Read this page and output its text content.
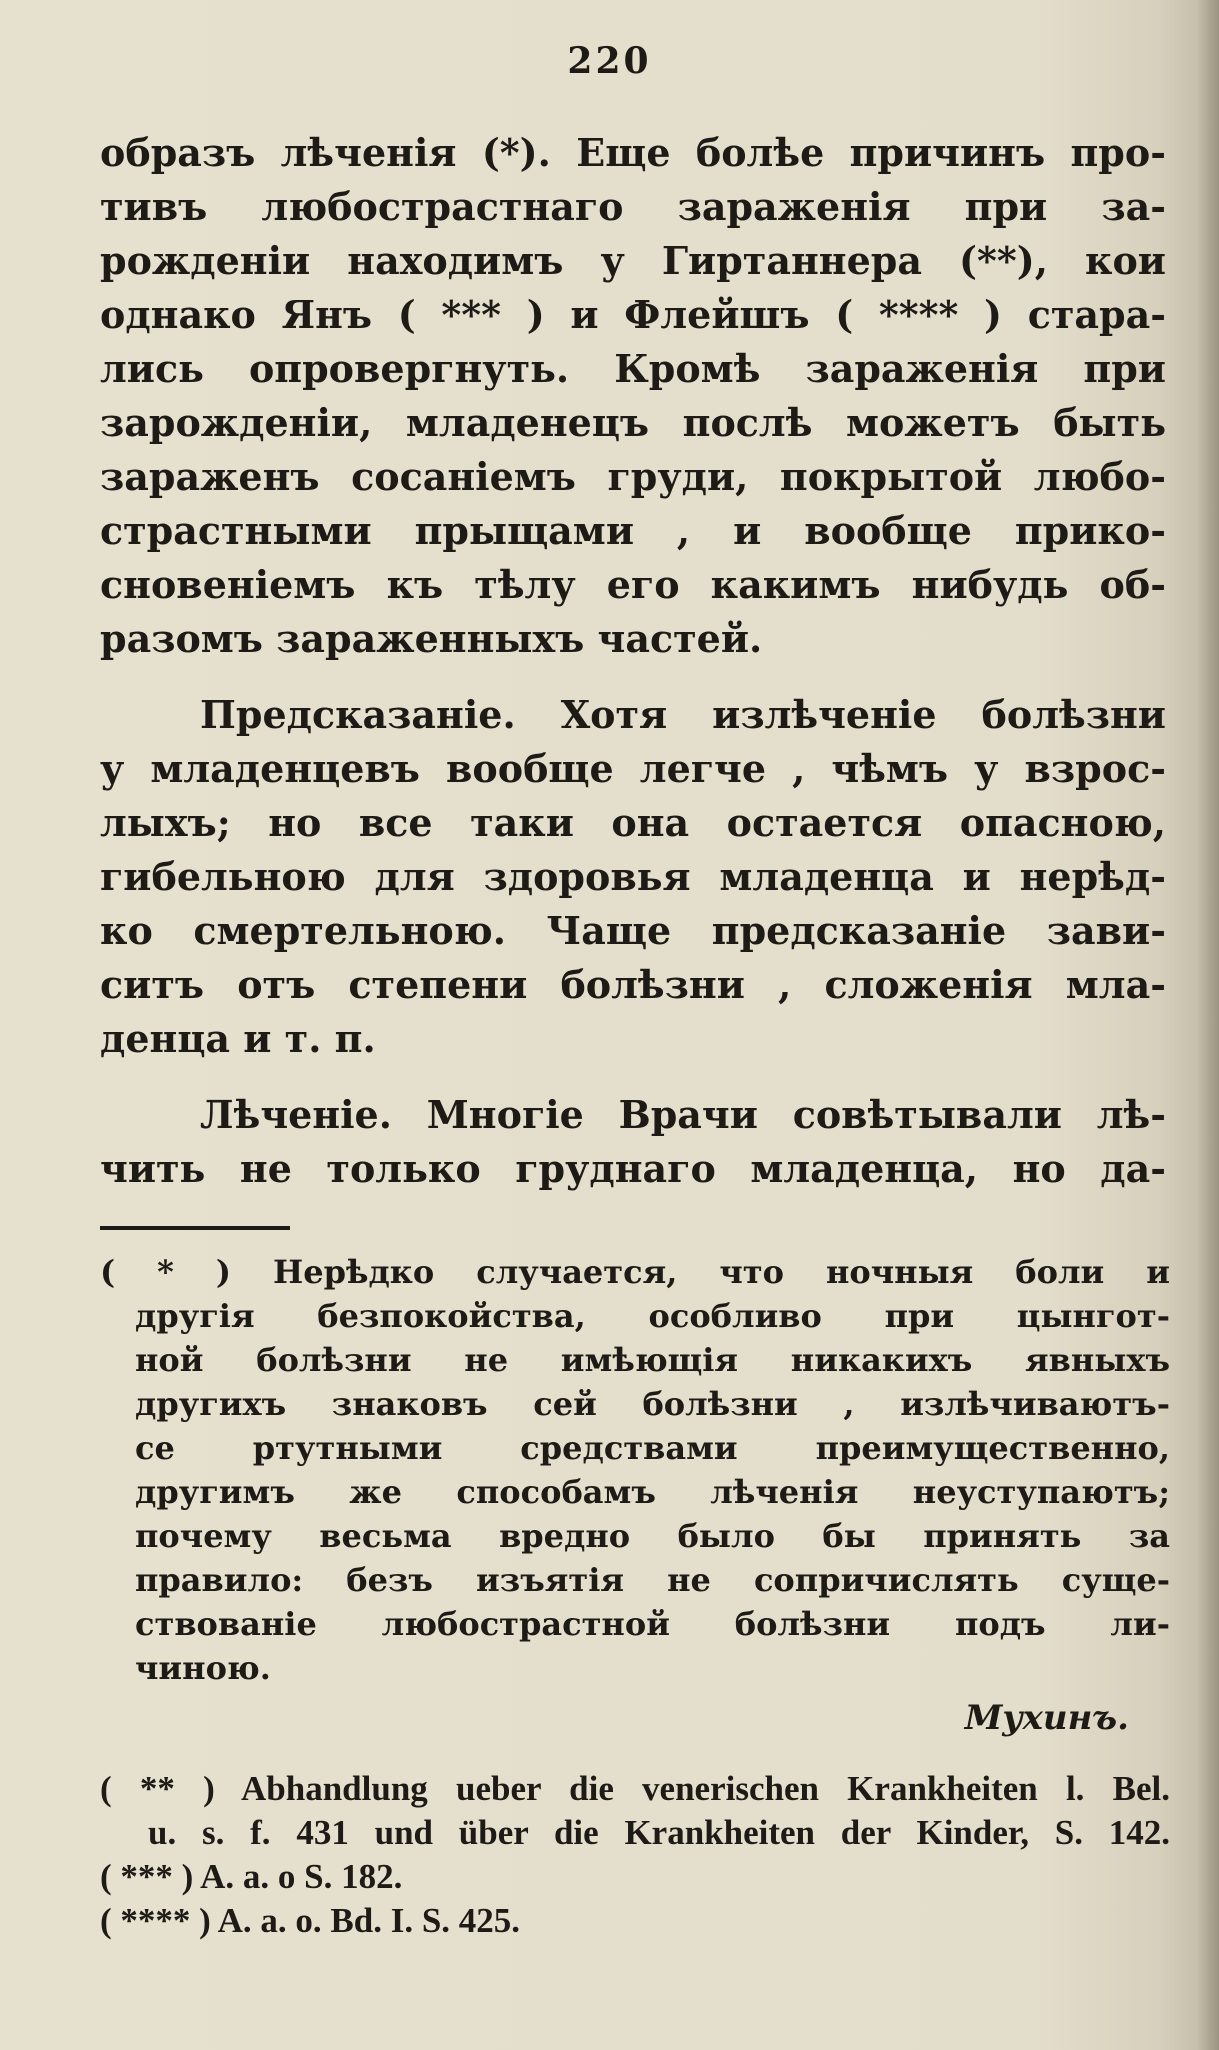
220
образъ лѣченія (*). Еще болѣе причинъ про-
тивъ любострастнаго зараженія при за-
рожденіи находимъ у Гиртаннера (**), кои
однако Янъ ( *** ) и Флейшъ ( **** ) стара-
лись опровергнуть. Кромѣ зараженія при
зарожденіи, младенецъ послѣ можетъ быть
зараженъ сосаніемъ груди, покрытой любо-
страстными прыщами , и вообще прико-
сновеніемъ къ тѣлу его какимъ нибудь об-
разомъ зараженныхъ частей.
Предсказаніе. Хотя излѣченіе болѣзни
у младенцевъ вообще легче , чѣмъ у взрос-
лыхъ; но все таки она остается опасною,
гибельною для здоровья младенца и нерѣд-
ко смертельною. Чаще предсказаніе зави-
ситъ отъ степени болѣзни , сложенія мла-
денца и т. п.
Лѣченіе. Многіе Врачи совѣтывали лѣ-
чить не только груднаго младенца, но да-
( * ) Нерѣдко случается, что ночныя боли и
другія безпокойства, особливо при цынгот-
ной болѣзни не имѣющія никакихъ явныхъ
другихъ знаковъ сей болѣзни , излѣчиваютъ-
се ртутными средствами преимущественно,
другимъ же способамъ лѣченія неуступаютъ;
почему весьма вредно было бы принять за
правило: безъ изъятія не сопричислять суще-
ствованіе любострастной болѣзни подъ ли-
чиною.
Мухинъ.
( ** ) Abhandlung ueber die venerischen Krankheiten l. Bel.
u. s. f. 431 und über die Krankheiten der Kinder, S. 142.
( *** ) A. a. o S. 182.
( **** ) A. a. o. Bd. I. S. 425.
